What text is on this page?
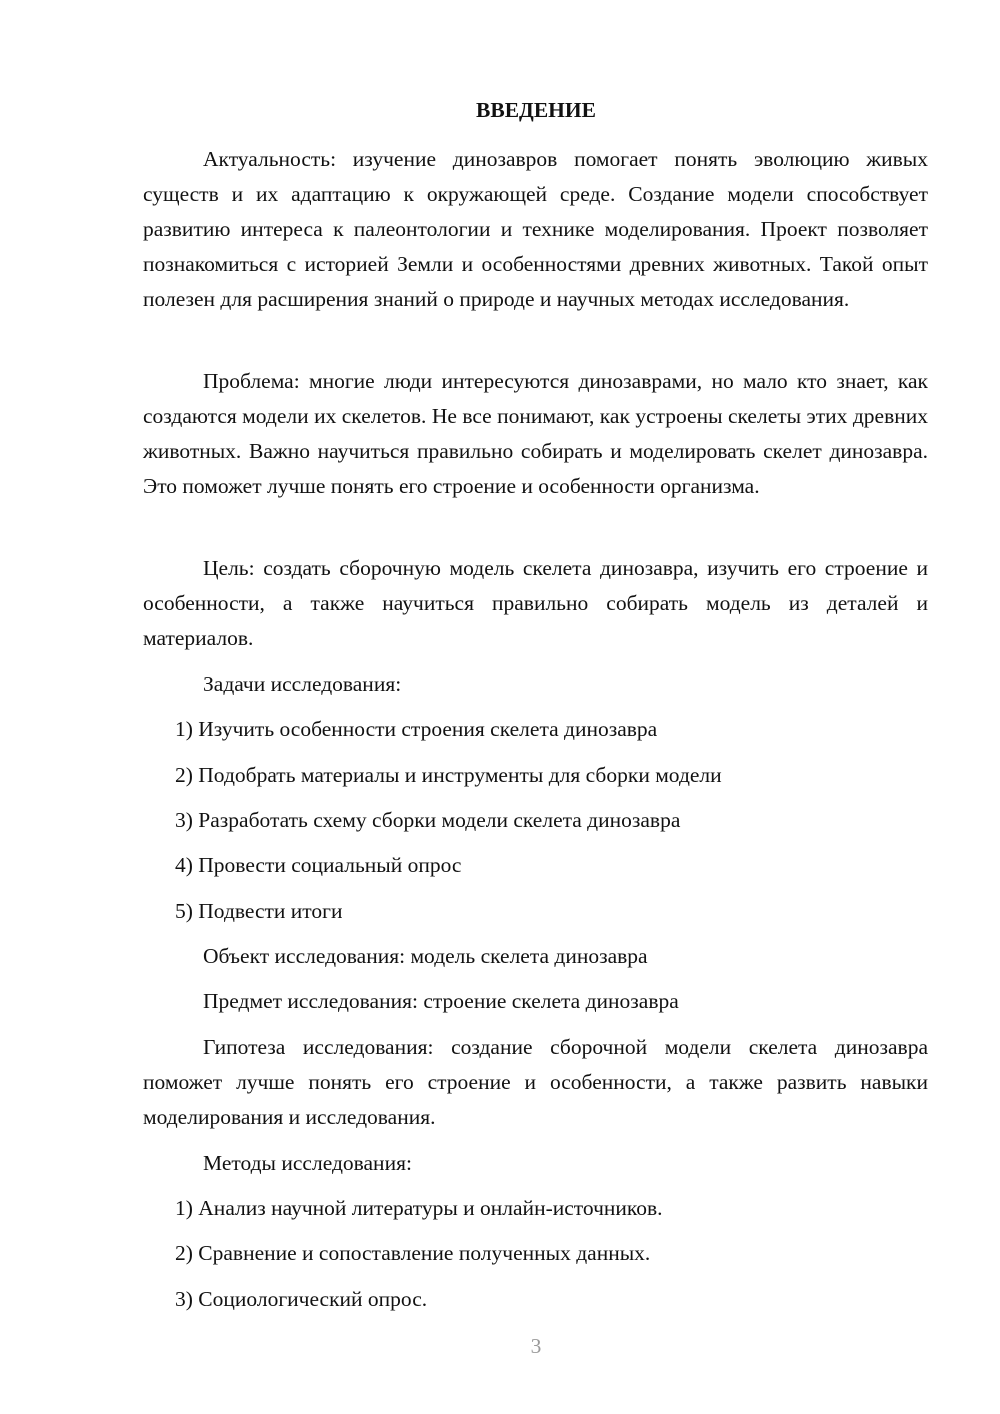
ВВЕДЕНИЕ

Актуальность: изучение динозавров помогает понять эволюцию живых существ и их адаптацию к окружающей среде. Создание модели способствует развитию интереса к палеонтологии и технике моделирования. Проект позволяет познакомиться с историей Земли и особенностями древних животных. Такой опыт полезен для расширения знаний о природе и научных методах исследования.

Проблема: многие люди интересуются динозаврами, но мало кто знает, как создаются модели их скелетов. Не все понимают, как устроены скелеты этих древних животных. Важно научиться правильно собирать и моделировать скелет динозавра. Это поможет лучше понять его строение и особенности организма.

Цель: создать сборочную модель скелета динозавра, изучить его строение и особенности, а также научиться правильно собирать модель из деталей и материалов.

Задачи исследования:
1) Изучить особенности строения скелета динозавра
2) Подобрать материалы и инструменты для сборки модели
3) Разработать схему сборки модели скелета динозавра
4) Провести социальный опрос
5) Подвести итоги
Объект исследования: модель скелета динозавра
Предмет исследования: строение скелета динозавра

Гипотеза исследования: создание сборочной модели скелета динозавра поможет лучше понять его строение и особенности, а также развить навыки моделирования и исследования.

Методы исследования:
1) Анализ научной литературы и онлайн-источников.
2) Сравнение и сопоставление полученных данных.
3) Социологический опрос.
3
